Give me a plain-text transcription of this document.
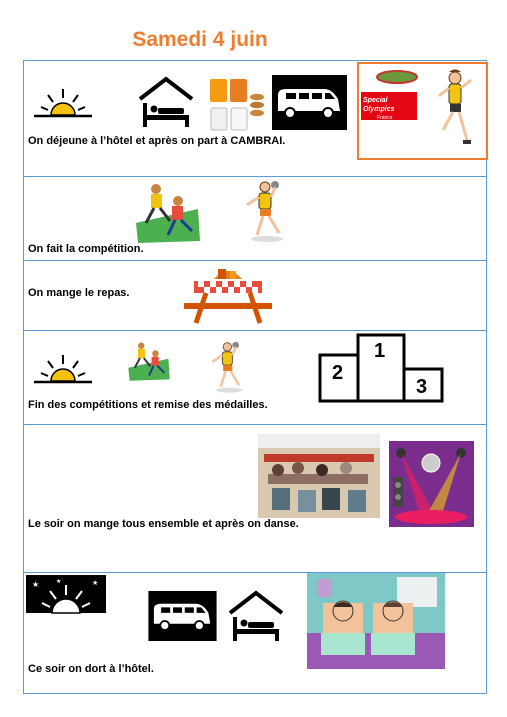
Samedi 4 juin
Special
Olympics
France
On déjeune à l’hôtel et après on part à CAMBRAI.
On fait la compétition.
On mange le repas.
2
1
3
Fin des compétitions et remise des médailles.
Le soir on mange tous ensemble et après on danse.
★	★	★
Ce soir on dort à l’hôtel.
